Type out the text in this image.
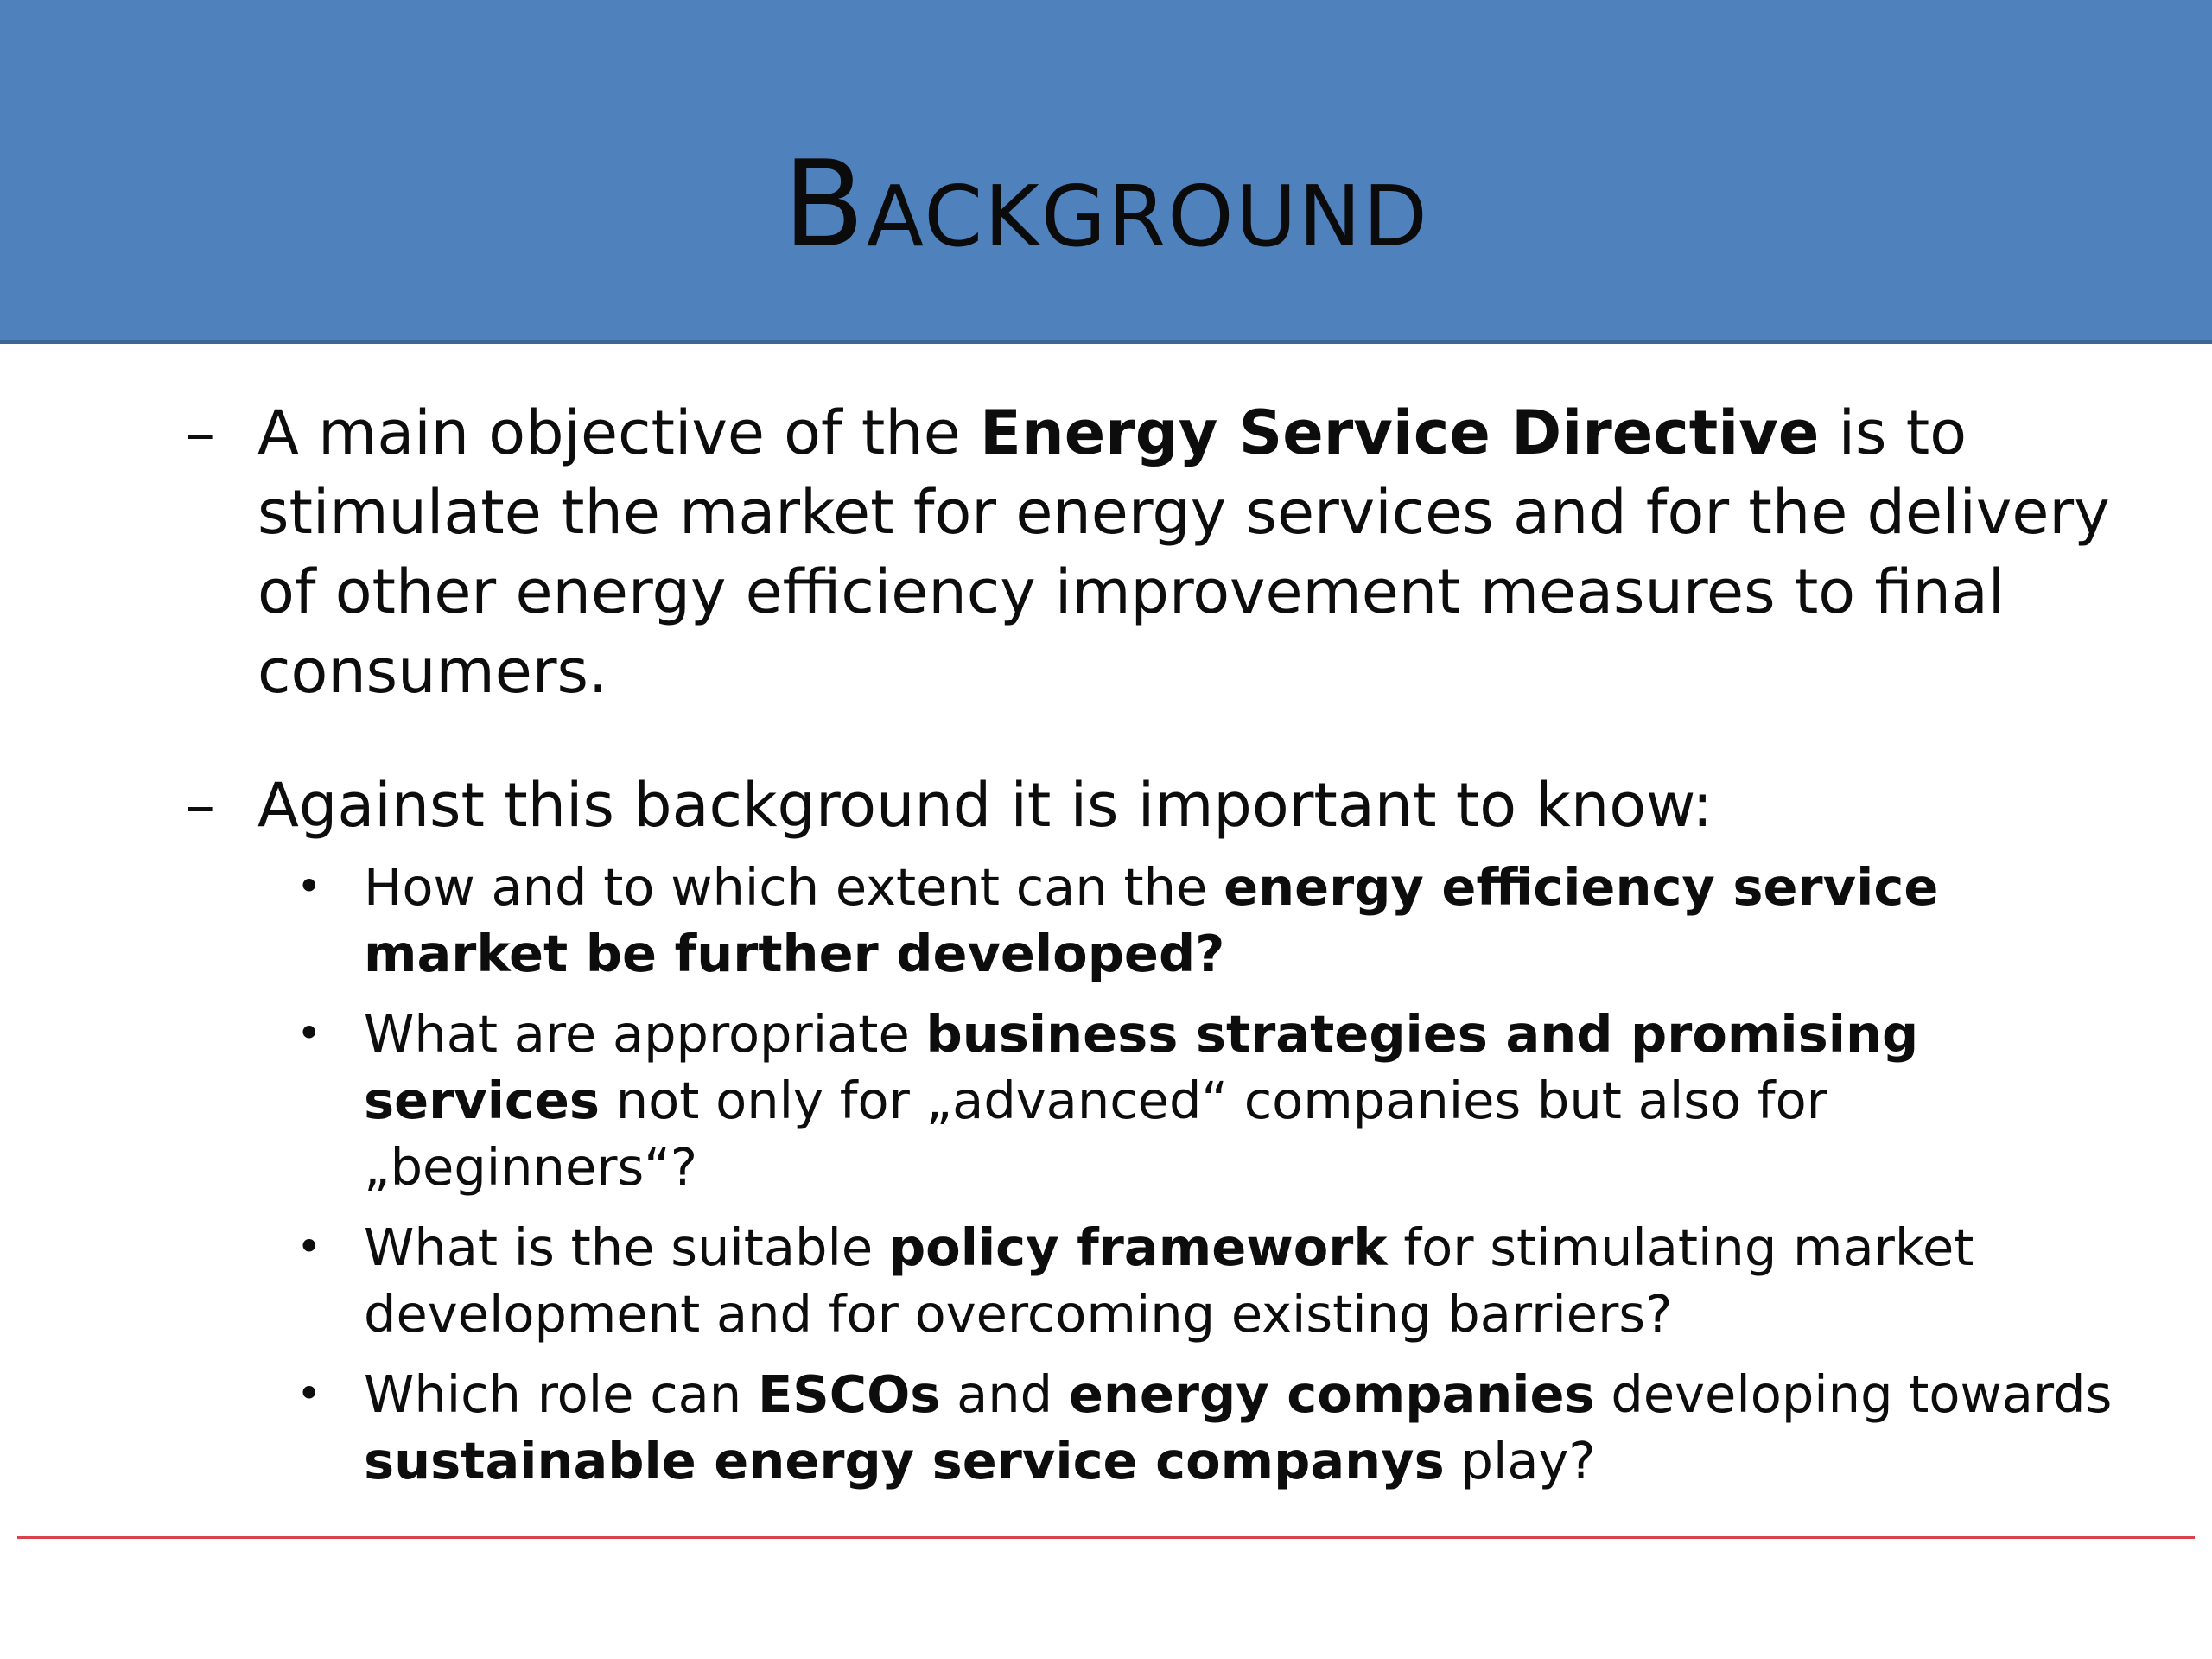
Background
– A main objective of the Energy Service Directive is to stimulate the market for energy services and for the delivery of other energy efficiency improvement measures to final consumers.
– Against this background it is important to know:
• How and to which extent can the energy efficiency service market be further developed?
• What are appropriate business strategies and promising services not only for „advanced“ companies but also for „beginners“?
• What is the suitable policy framework for stimulating market development and for overcoming existing barriers?
• Which role can ESCOs and energy companies developing towards sustainable energy service companys play?
